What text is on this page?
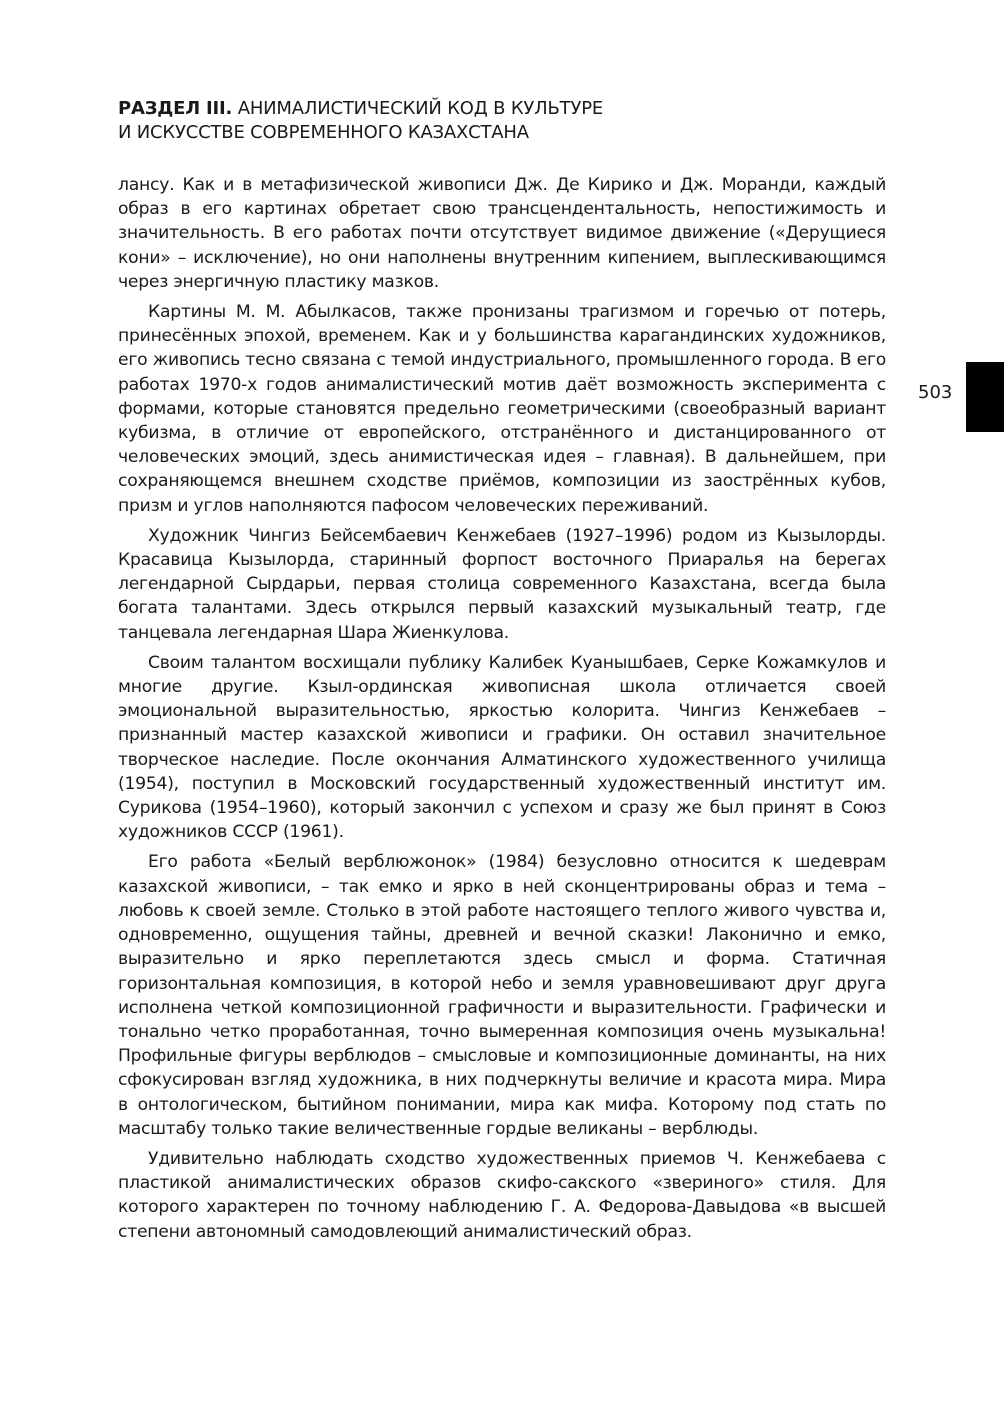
РАЗДЕЛ III. АНИМАЛИСТИЧЕСКИЙ КОД В КУЛЬТУРЕ
И ИСКУССТВЕ СОВРЕМЕННОГО КАЗАХСТАНА
503

лансу. Как и в метафизической живописи Дж. Де Кирико и Дж. Моранди, каждый образ в его картинах обретает свою трансцендентальность, непостижимость и значительность. В его работах почти отсутствует видимое движение («Дерущиеся кони» – исключение), но они наполнены внутренним кипением, выплескивающимся через энергичную пластику мазков.

Картины М. М. Абылкасов, также пронизаны трагизмом и горечью от потерь, принесённых эпохой, временем. Как и у большинства карагандинских художников, его живопись тесно связана с темой индустриального, промышленного города. В его работах 1970-х годов анималистический мотив даёт возможность эксперимента с формами, которые становятся предельно геометрическими (своеобразный вариант кубизма, в отличие от европейского, отстранённого и дистанцированного от человеческих эмоций, здесь анимистическая идея – главная). В дальнейшем, при сохраняющемся внешнем сходстве приёмов, композиции из заострённых кубов, призм и углов наполняются пафосом человеческих переживаний.

Художник Чингиз Бейсембаевич Кенжебаев (1927–1996) родом из Кызылорды. Красавица Кызылорда, старинный форпост восточного Приаралья на берегах легендарной Сырдарьи, первая столица современного Казахстана, всегда была богата талантами. Здесь открылся первый казахский музыкальный театр, где танцевала легендарная Шара Жиенкулова.

Своим талантом восхищали публику Калибек Куанышбаев, Серке Кожамкулов и многие другие. Кзыл-ординская живописная школа отличается своей эмоциональной выразительностью, яркостью колорита. Чингиз Кенжебаев – признанный мастер казахской живописи и графики. Он оставил значительное творческое наследие. После окончания Алматинского художественного училища (1954), поступил в Московский государственный художественный институт им. Сурикова (1954–1960), который закончил с успехом и сразу же был принят в Союз художников СССР (1961).

Его работа «Белый верблюжонок» (1984) безусловно относится к шедеврам казахской живописи, – так емко и ярко в ней сконцентрированы образ и тема – любовь к своей земле. Столько в этой работе настоящего теплого живого чувства и, одновременно, ощущения тайны, древней и вечной сказки! Лаконично и емко, выразительно и ярко переплетаются здесь смысл и форма. Статичная горизонтальная композиция, в которой небо и земля уравновешивают друг друга исполнена четкой композиционной графичности и выразительности. Графически и тонально четко проработанная, точно вымеренная композиция очень музыкальна! Профильные фигуры верблюдов – смысловые и композиционные доминанты, на них сфокусирован взгляд художника, в них подчеркнуты величие и красота мира. Мира в онтологическом, бытийном понимании, мира как мифа. Которому под стать по масштабу только такие величественные гордые великаны – верблюды.

Удивительно наблюдать сходство художественных приемов Ч. Кенжебаева с пластикой анималистических образов скифо-сакского «звериного» стиля. Для которого характерен по точному наблюдению Г. А. Федорова-Давыдова «в высшей степени автономный самодовлеющий анималистический образ.
